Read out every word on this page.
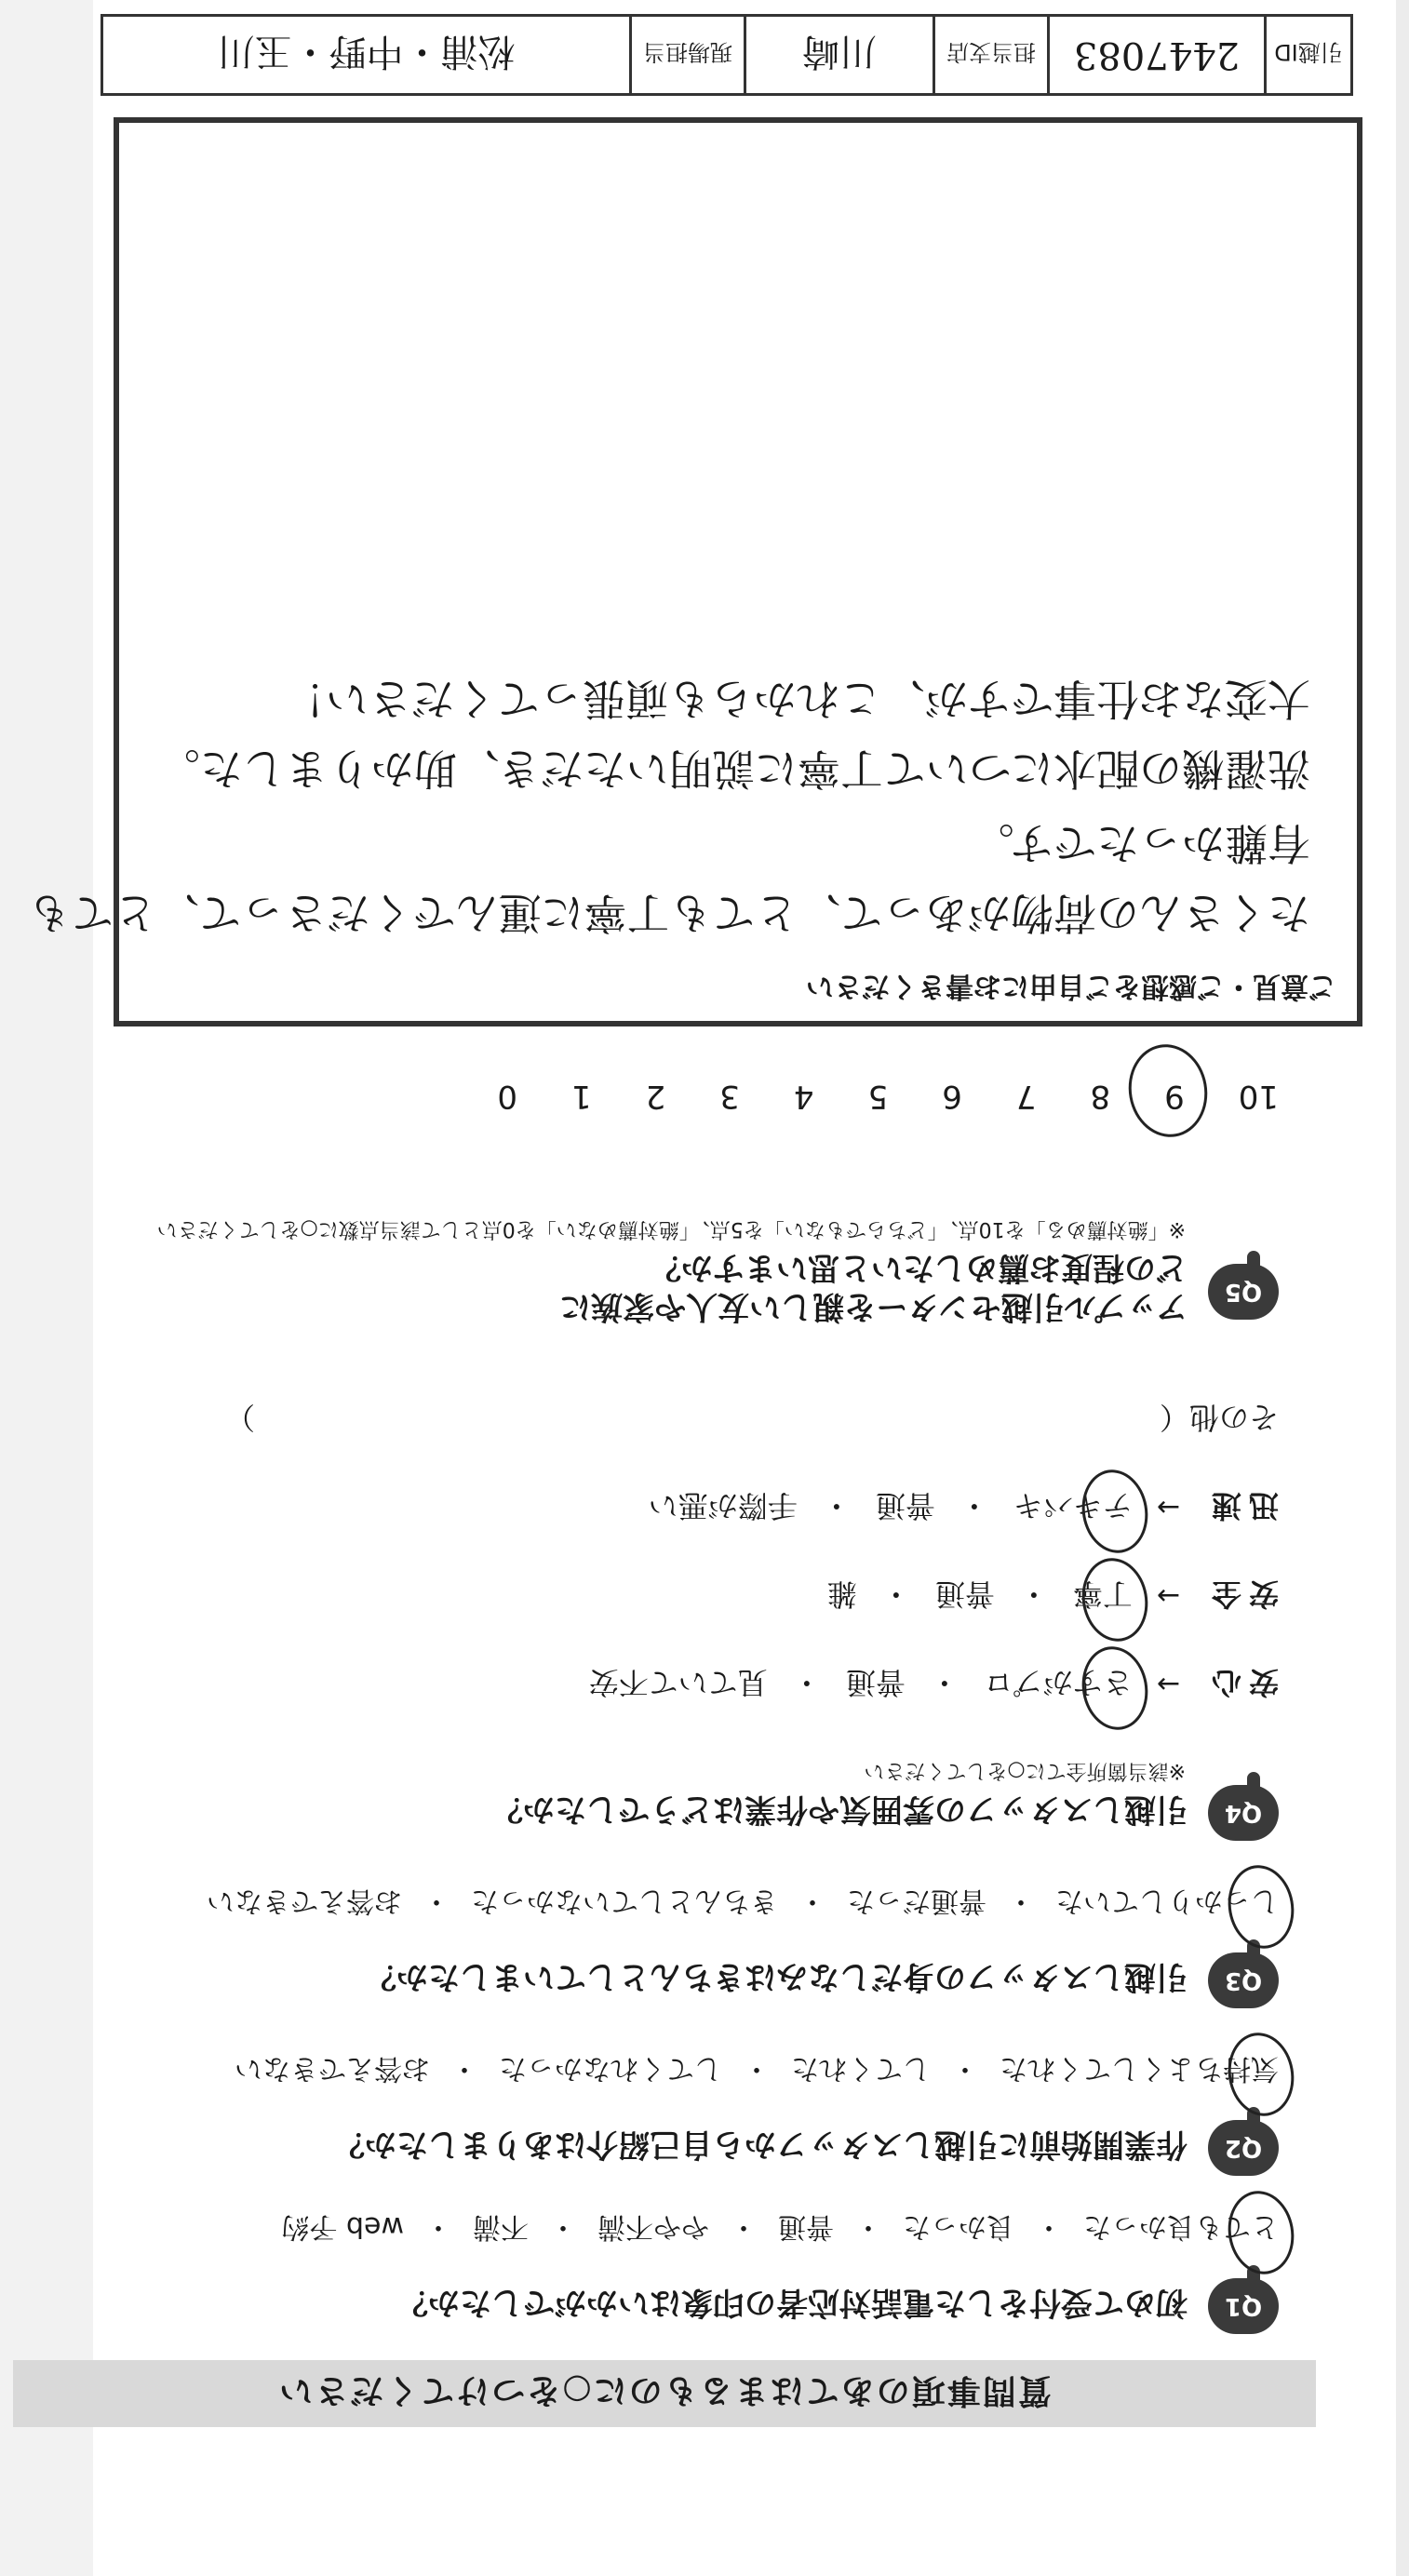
質問事項のあてはまるものに○をつけてください
Q1
初めて受付をした電話対応者の印象はいかがでしたか？
とても良かった
・
良かった
・
普通
・
やや不満
・
不満
・
web 予約
Q2
作業開始前に引越しスタッフから自己紹介はありましたか？
気持ちよくしてくれた
・
してくれた
・
してくれなかった
・
お答えできない
Q3
引越しスタッフの身だしなみはきちんとしていましたか？
しっかりしていた
・
普通だった
・
きちんとしていなかった
・
お答えできない
Q4
引越しスタッフの雰囲気や作業はどうでしたか？
※該当箇所全てに○をしてください
安心
→
さすがプロ
・
普通
・
見ていて不安
安全
→
丁寧
・
普通
・
雑
迅速
→
テキパキ
・
普通
・
手際が悪い
その他（
）
Q5
アップル引越センターを親しい友人や家族に
どの程度お薦めしたいと思いますか？
※「絶対薦める」を10点、「どちらでもない」を5点、「絶対薦めない」を0点として該当点数に○をしてください
10
9
8
7
6
5
4
3
2
1
0
ご意見・ご感想をご自由にお書きください
たくさんの荷物があって、とても丁寧に運んでくださって、とても
有難かったです。
洗濯機の配水について丁寧に説明いただき、助かりました。
大変なお仕事ですが、これからも頑張ってください！
引越ID
2447083
担当支店
川崎
現場担当
松浦・中野・玉川
